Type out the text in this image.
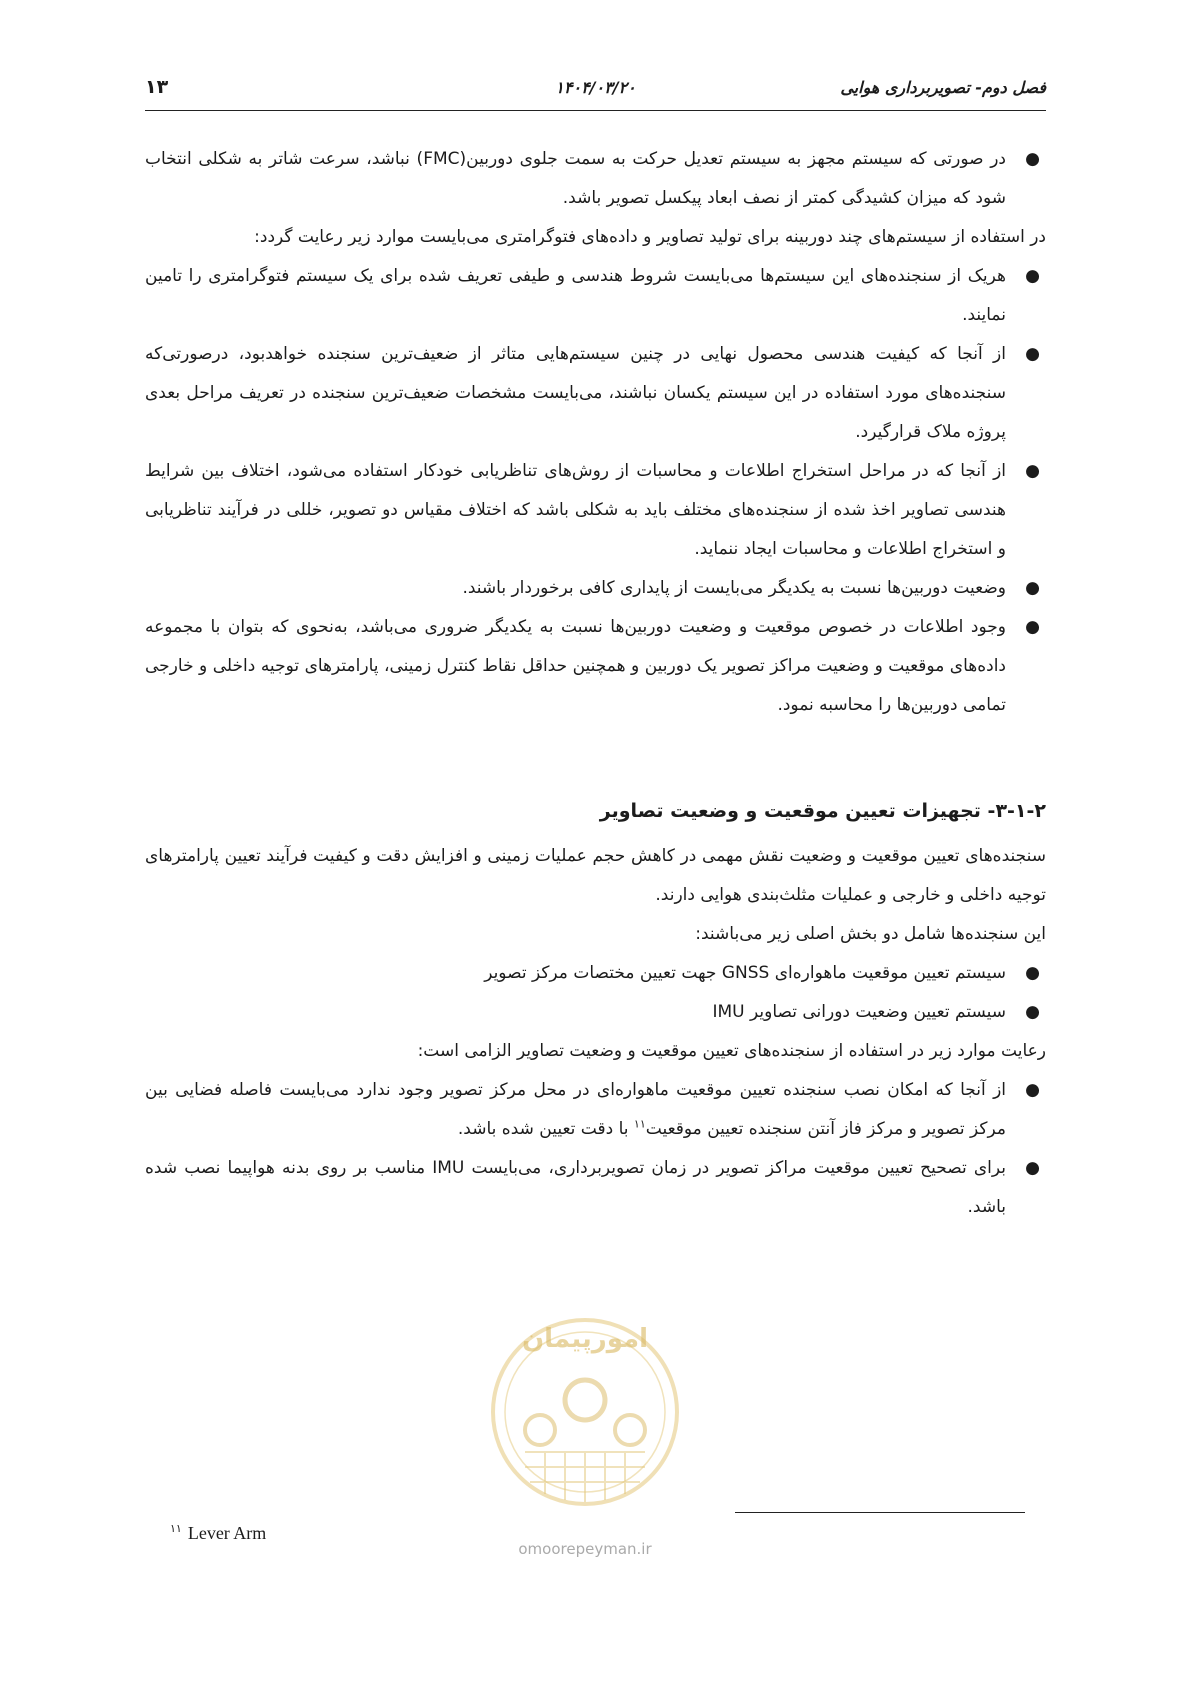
فصل دوم- تصویربرداری هوایی
۱۴۰۴/۰۳/۲۰
۱۳
●
در صورتی که سیستم مجهز به سیستم تعدیل حرکت به سمت جلوی دوربین(FMC) نباشد، سرعت شاتر به شکلی انتخاب شود که میزان کشیدگی کمتر از نصف ابعاد پیکسل تصویر باشد.

در استفاده از سیستم‌های چند دوربینه برای تولید تصاویر و داده‌های فتوگرامتری می‌بایست موارد زیر رعایت گردد:

●
هریک از سنجنده‌های این سیستم‌ها می‌بایست شروط هندسی و طیفی تعریف شده برای یک سیستم فتوگرامتری را تامین نمایند.
●
از آنجا که کیفیت هندسی محصول نهایی در چنین سیستم‌هایی متاثر از ضعیف‌ترین سنجنده خواهدبود، درصورتی‌که سنجنده‌های مورد استفاده در این سیستم یکسان نباشند، می‌بایست مشخصات ضعیف‌ترین سنجنده در تعریف مراحل بعدی پروژه ملاک قرارگیرد.
●
از آنجا که در مراحل استخراج اطلاعات و محاسبات از روش‌های تناظریابی خودکار استفاده می‌شود، اختلاف بین شرایط هندسی تصاویر اخذ شده از سنجنده‌های مختلف باید به شکلی باشد که اختلاف مقیاس دو تصویر، خللی در فرآیند تناظریابی و استخراج اطلاعات و محاسبات ایجاد ننماید.
●
وضعیت دوربین‌ها نسبت به یکدیگر می‌بایست از پایداری کافی برخوردار باشند.
●
وجود اطلاعات در خصوص موقعیت و وضعیت دوربین‌ها نسبت به یکدیگر ضروری می‌باشد، به‌نحوی که بتوان با مجموعه داده‌های موقعیت و وضعیت مراکز تصویر یک دوربین و همچنین حداقل نقاط کنترل زمینی، پارامترهای توجیه داخلی و خارجی تمامی دوربین‌ها را محاسبه نمود.

۳-۱-۲- تجهیزات تعیین موقعیت و وضعیت تصاویر

سنجنده‌های تعیین موقعیت و وضعیت نقش مهمی در کاهش حجم عملیات زمینی و افزایش دقت و کیفیت فرآیند تعیین پارامترهای توجیه داخلی و خارجی و عملیات مثلث‌بندی هوایی دارند.

این سنجنده‌ها شامل دو بخش اصلی زیر می‌باشند:

●
سیستم تعیین موقعیت ماهواره‌ای GNSS جهت تعیین مختصات مرکز تصویر
●
سیستم تعیین وضعیت دورانی تصاویر IMU

رعایت موارد زیر در استفاده از سنجنده‌های تعیین موقعیت و وضعیت تصاویر الزامی است:

●
از آنجا که امکان نصب سنجنده تعیین موقعیت ماهواره‌ای در محل مرکز تصویر وجود ندارد می‌بایست فاصله فضایی بین مرکز تصویر و مرکز فاز آنتن سنجنده تعیین موقعیت$^{۱۱}$ با دقت تعیین شده باشد.
●
برای تصحیح تعیین موقعیت مراکز تصویر در زمان تصویربرداری، می‌بایست IMU مناسب بر روی بدنه هواپیما نصب شده باشد.
امورپیمان
omoorepeyman.ir
$^{۱۱}$ Lever Arm
